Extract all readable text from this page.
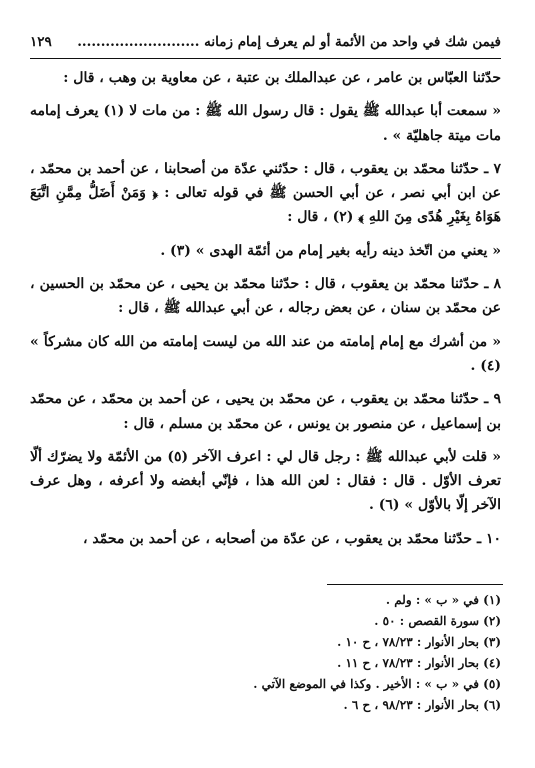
فيمن شك في واحد من الأئمة أو لم يعرف إمام زمانه ..........................
١٢٩

حدّثنا العبّاس بن عامر ، عن عبدالملك بن عتبة ، عن معاوية بن وهب ، قال :

« سمعت أبا عبدالله ﷺ يقول : قال رسول الله ﷺ : من مات لا (١) يعرف إمامه مات ميتة جاهليّة » .

٧ ـ حدّثنا محمّد بن يعقوب ، قال : حدّثني عدّة من أصحابنا ، عن أحمد بن محمّد ، عن ابن أبي نصر ، عن أبي الحسن ﷺ في قوله تعالى : ﴿ وَمَنْ أَضَلُّ مِمَّنِ اتَّبَعَ هَوَاهُ بِغَيْرِ هُدًى مِنَ اللهِ ﴾ (٢) ، قال :

« يعني من اتّخذ دينه رأيه بغير إمام من أئمّة الهدى » (٣) .

٨ ـ حدّثنا محمّد بن يعقوب ، قال : حدّثنا محمّد بن يحيى ، عن محمّد بن الحسين ، عن محمّد بن سنان ، عن بعض رجاله ، عن أبي عبدالله ﷺ ، قال :

« من أشرك مع إمام إمامته من عند الله من ليست إمامته من الله كان مشركاً » (٤) .

٩ ـ حدّثنا محمّد بن يعقوب ، عن محمّد بن يحيى ، عن أحمد بن محمّد ، عن محمّد بن إسماعيل ، عن منصور بن يونس ، عن محمّد بن مسلم ، قال :

« قلت لأبي عبدالله ﷺ : رجل قال لي : اعرف الآخر (٥) من الأئمّة ولا يضرّك ألّا تعرف الأوّل . قال : فقال : لعن الله هذا ، فإنّي أبغضه ولا أعرفه ، وهل عرف الآخر إلّا بالأوّل » (٦) .

١٠ ـ حدّثنا محمّد بن يعقوب ، عن عدّة من أصحابه ، عن أحمد بن محمّد ،

(١) في « ب » : ولم .

(٢) سورة القصص : ٥٠ .

(٣) بحار الأنوار : ٧٨/٢٣ ، ح ١٠ .

(٤) بحار الأنوار : ٧٨/٢٣ ، ح ١١ .

(٥) في « ب » : الأخير . وكذا في الموضع الآتي .

(٦) بحار الأنوار : ٩٨/٢٣ ، ح ٦ .
